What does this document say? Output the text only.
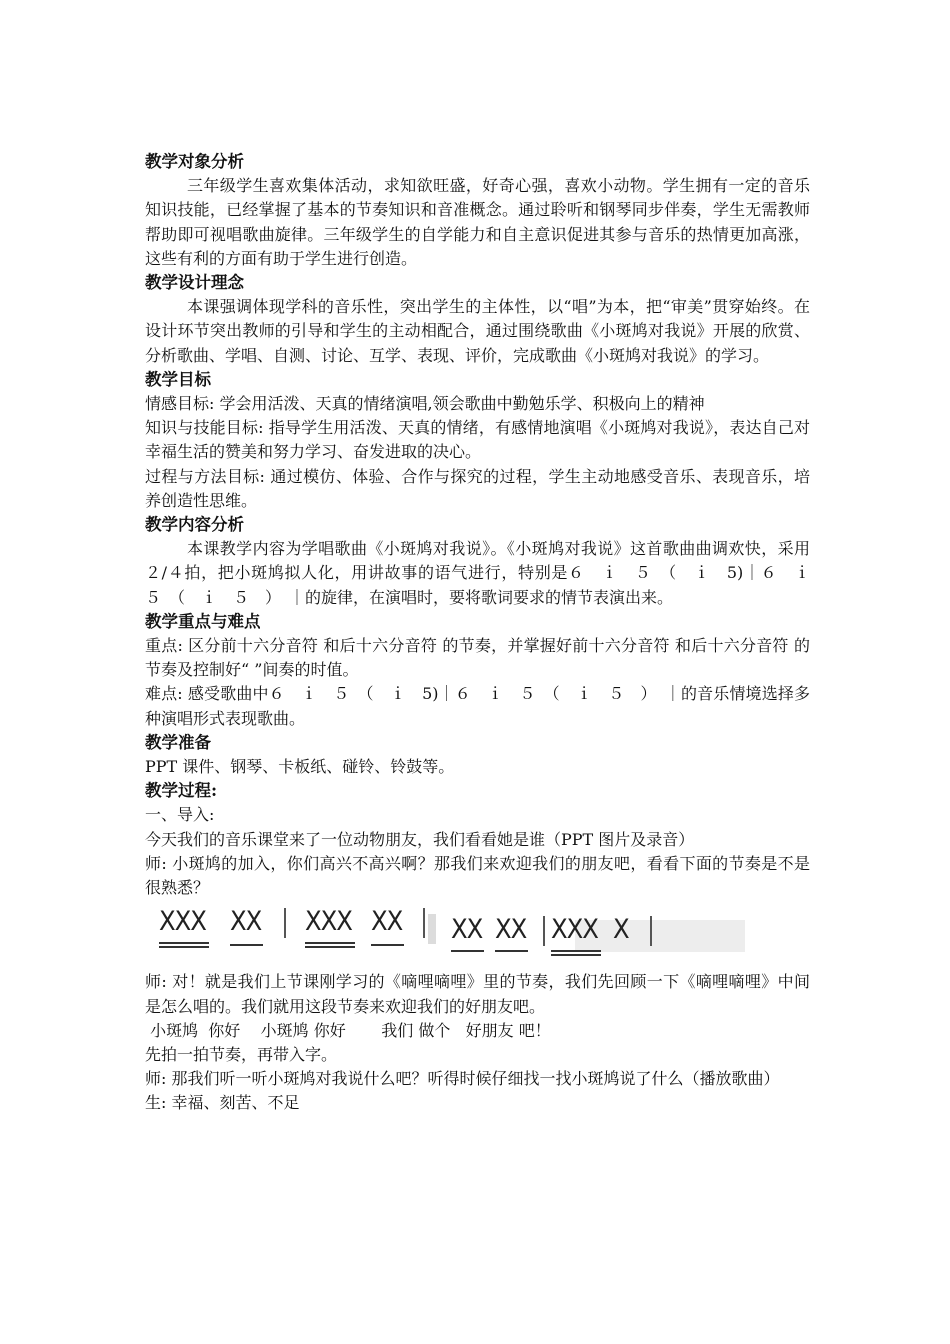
教学对象分析

三年级学生喜欢集体活动，求知欲旺盛，好奇心强，喜欢小动物。学生拥有一定的音乐知识技能，已经掌握了基本的节奏知识和音准概念。通过聆听和钢琴同步伴奏，学生无需教师帮助即可视唱歌曲旋律。三年级学生的自学能力和自主意识促进其参与音乐的热情更加高涨，这些有利的方面有助于学生进行创造。

教学设计理念

本课强调体现学科的音乐性，突出学生的主体性，以“唱”为本，把“审美”贯穿始终。在设计环节突出教师的引导和学生的主动相配合，通过围绕歌曲《小斑鸠对我说》开展的欣赏、分析歌曲、学唱、自测、讨论、互学、表现、评价，完成歌曲《小斑鸠对我说》的学习。

教学目标

情感目标: 学会用活泼、天真的情绪演唱,领会歌曲中勤勉乐学、积极向上的精神

知识与技能目标: 指导学生用活泼、天真的情绪，有感情地演唱《小斑鸠对我说》，表达自己对幸福生活的赞美和努力学习、奋发进取的决心。

过程与方法目标: 通过模仿、体验、合作与探究的过程，学生主动地感受音乐、表现音乐，培养创造性思维。

教学内容分析

本课教学内容为学唱歌曲《小斑鸠对我说》。《小斑鸠对我说》这首歌曲曲调欢快，采用２/４拍，把小斑鸠拟人化，用讲故事的语气进行，特别是６　ｉ　５　（　ｉ　5)｜６　ｉ　５　（　ｉ　５　）　｜的旋律，在演唱时，要将歌词要求的情节表演出来。

教学重点与难点

重点: 区分前十六分音符 和后十六分音符 的节奏，并掌握好前十六分音符 和后十六分音符 的节奏及控制好“ ”间奏的时值。

难点: 感受歌曲中６　ｉ　５　（　ｉ　5)｜６　ｉ　５　（　ｉ　５　）　｜的音乐情境选择多种演唱形式表现歌曲。

教学准备

PPT 课件、钢琴、卡板纸、碰铃、铃鼓等。

教学过程:

一、导入:

今天我们的音乐课堂来了一位动物朋友，我们看看她是谁（PPT 图片及录音）

师: 小斑鸠的加入，你们高兴不高兴啊？那我们来欢迎我们的朋友吧，看看下面的节奏是不是很熟悉？

XXX XX XXX XX XX XX XXX X

师: 对！就是我们上节课刚学习的《嘀哩嘀哩》里的节奏，我们先回顾一下《嘀哩嘀哩》中间是怎么唱的。我们就用这段节奏来欢迎我们的好朋友吧。

小斑鸠  你好    小斑鸠 你好       我们 做个   好朋友 吧！

先拍一拍节奏，再带入字。

师: 那我们听一听小斑鸠对我说什么吧？听得时候仔细找一找小斑鸠说了什么（播放歌曲）

生: 幸福、刻苦、不足
